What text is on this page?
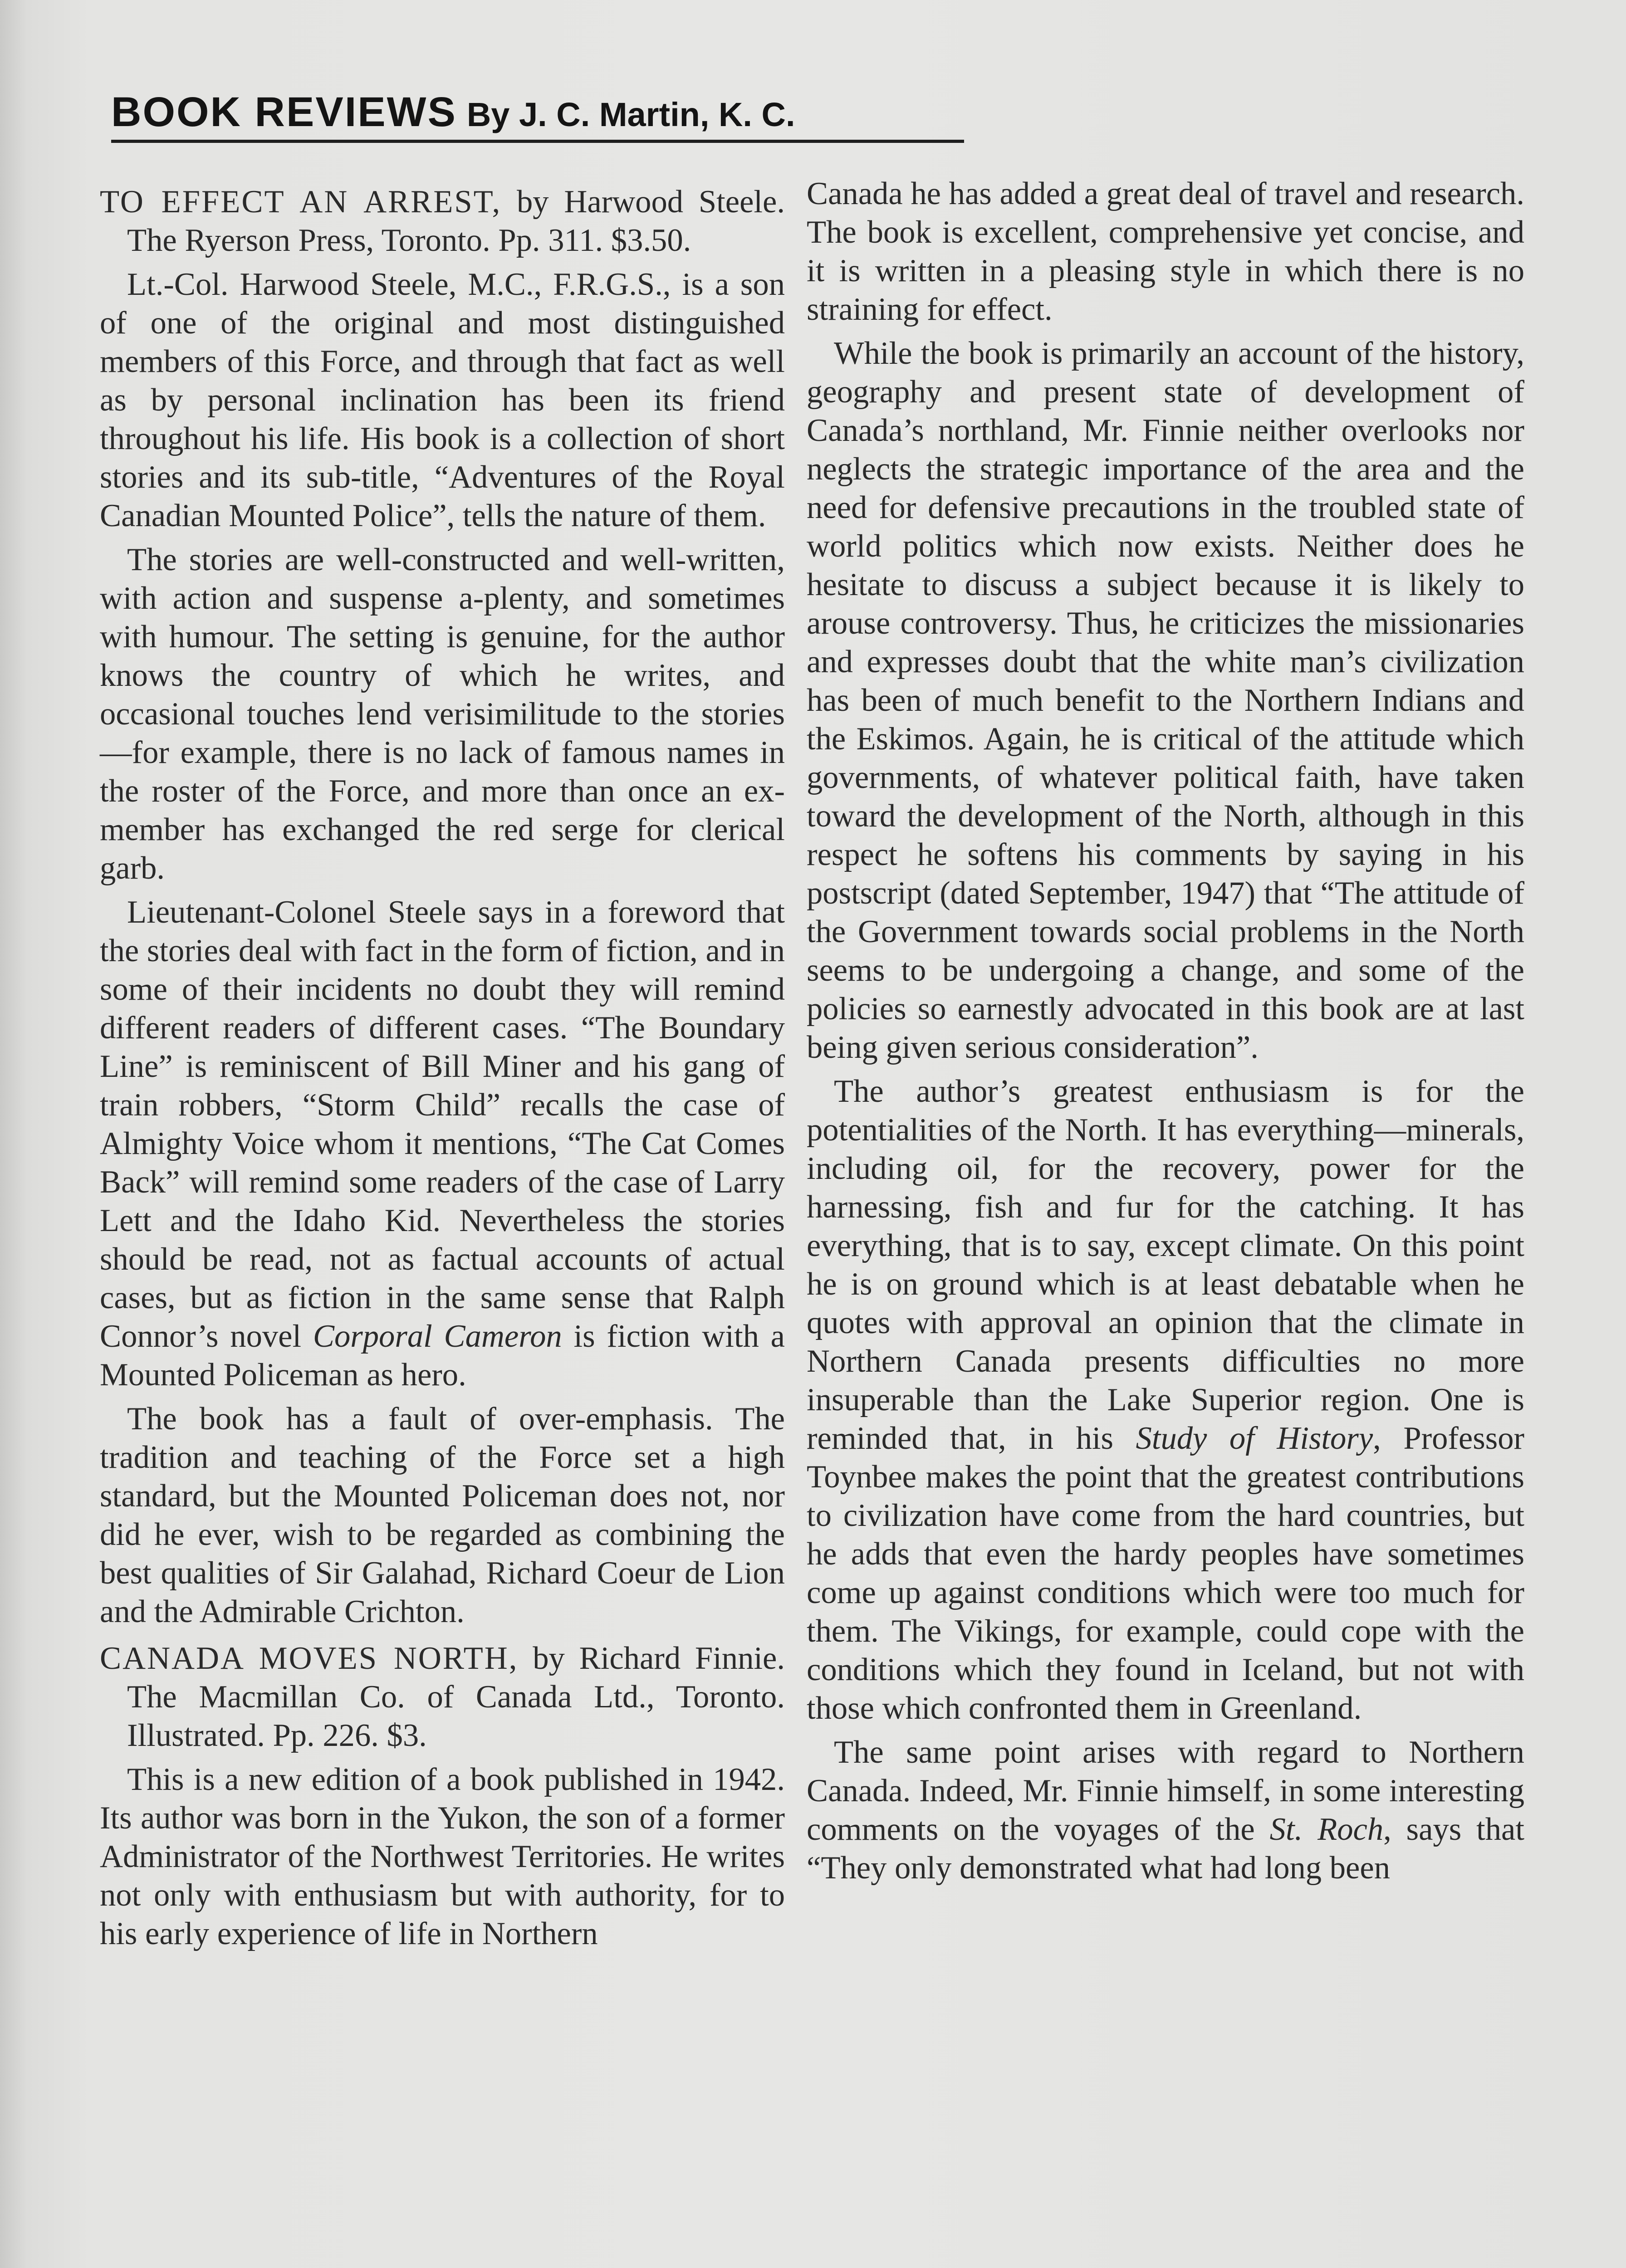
BOOK REVIEWS By J. C. Martin, K. C.

TO EFFECT AN ARREST, by Harwood Steele. The Ryerson Press, Toronto. Pp. 311. $3.50.

Lt.-Col. Harwood Steele, M.C., F.R.G.S., is a son of one of the original and most distinguished members of this Force, and through that fact as well as by personal inclination has been its friend throughout his life. His book is a collection of short stories and its sub-title, “Adventures of the Royal Canadian Mounted Police”, tells the nature of them.

The stories are well-constructed and well-written, with action and suspense a-plenty, and sometimes with humour. The setting is genuine, for the author knows the country of which he writes, and occasional touches lend verisimilitude to the stories—for example, there is no lack of famous names in the roster of the Force, and more than once an ex-member has exchanged the red serge for clerical garb.

Lieutenant-Colonel Steele says in a foreword that the stories deal with fact in the form of fiction, and in some of their incidents no doubt they will remind different readers of different cases. “The Boundary Line” is reminiscent of Bill Miner and his gang of train robbers, “Storm Child” recalls the case of Almighty Voice whom it mentions, “The Cat Comes Back” will remind some readers of the case of Larry Lett and the Idaho Kid. Nevertheless the stories should be read, not as factual accounts of actual cases, but as fiction in the same sense that Ralph Connor’s novel Corporal Cameron is fiction with a Mounted Policeman as hero.

The book has a fault of over-emphasis. The tradition and teaching of the Force set a high standard, but the Mounted Policeman does not, nor did he ever, wish to be regarded as combining the best qualities of Sir Galahad, Richard Coeur de Lion and the Admirable Crichton.

CANADA MOVES NORTH, by Richard Finnie. The Macmillan Co. of Canada Ltd., Toronto. Illustrated. Pp. 226. $3.

This is a new edition of a book published in 1942. Its author was born in the Yukon, the son of a former Administrator of the Northwest Territories. He writes not only with enthusiasm but with authority, for to his early experience of life in Northern

Canada he has added a great deal of travel and research. The book is excellent, comprehensive yet concise, and it is written in a pleasing style in which there is no straining for effect.

While the book is primarily an account of the history, geography and present state of development of Canada’s northland, Mr. Finnie neither overlooks nor neglects the strategic importance of the area and the need for defensive precautions in the troubled state of world politics which now exists. Neither does he hesitate to discuss a subject because it is likely to arouse controversy. Thus, he criticizes the missionaries and expresses doubt that the white man’s civilization has been of much benefit to the Northern Indians and the Eskimos. Again, he is critical of the attitude which governments, of whatever political faith, have taken toward the development of the North, although in this respect he softens his comments by saying in his postscript (dated September, 1947) that “The attitude of the Government towards social problems in the North seems to be undergoing a change, and some of the policies so earnestly advocated in this book are at last being given serious consideration”.

The author’s greatest enthusiasm is for the potentialities of the North. It has everything—minerals, including oil, for the recovery, power for the harnessing, fish and fur for the catching. It has everything, that is to say, except climate. On this point he is on ground which is at least debatable when he quotes with approval an opinion that the climate in Northern Canada presents difficulties no more insuperable than the Lake Superior region. One is reminded that, in his Study of History, Professor Toynbee makes the point that the greatest contributions to civilization have come from the hard countries, but he adds that even the hardy peoples have sometimes come up against conditions which were too much for them. The Vikings, for example, could cope with the conditions which they found in Iceland, but not with those which confronted them in Greenland.

The same point arises with regard to Northern Canada. Indeed, Mr. Finnie himself, in some interesting comments on the voyages of the St. Roch, says that “They only demonstrated what had long been
